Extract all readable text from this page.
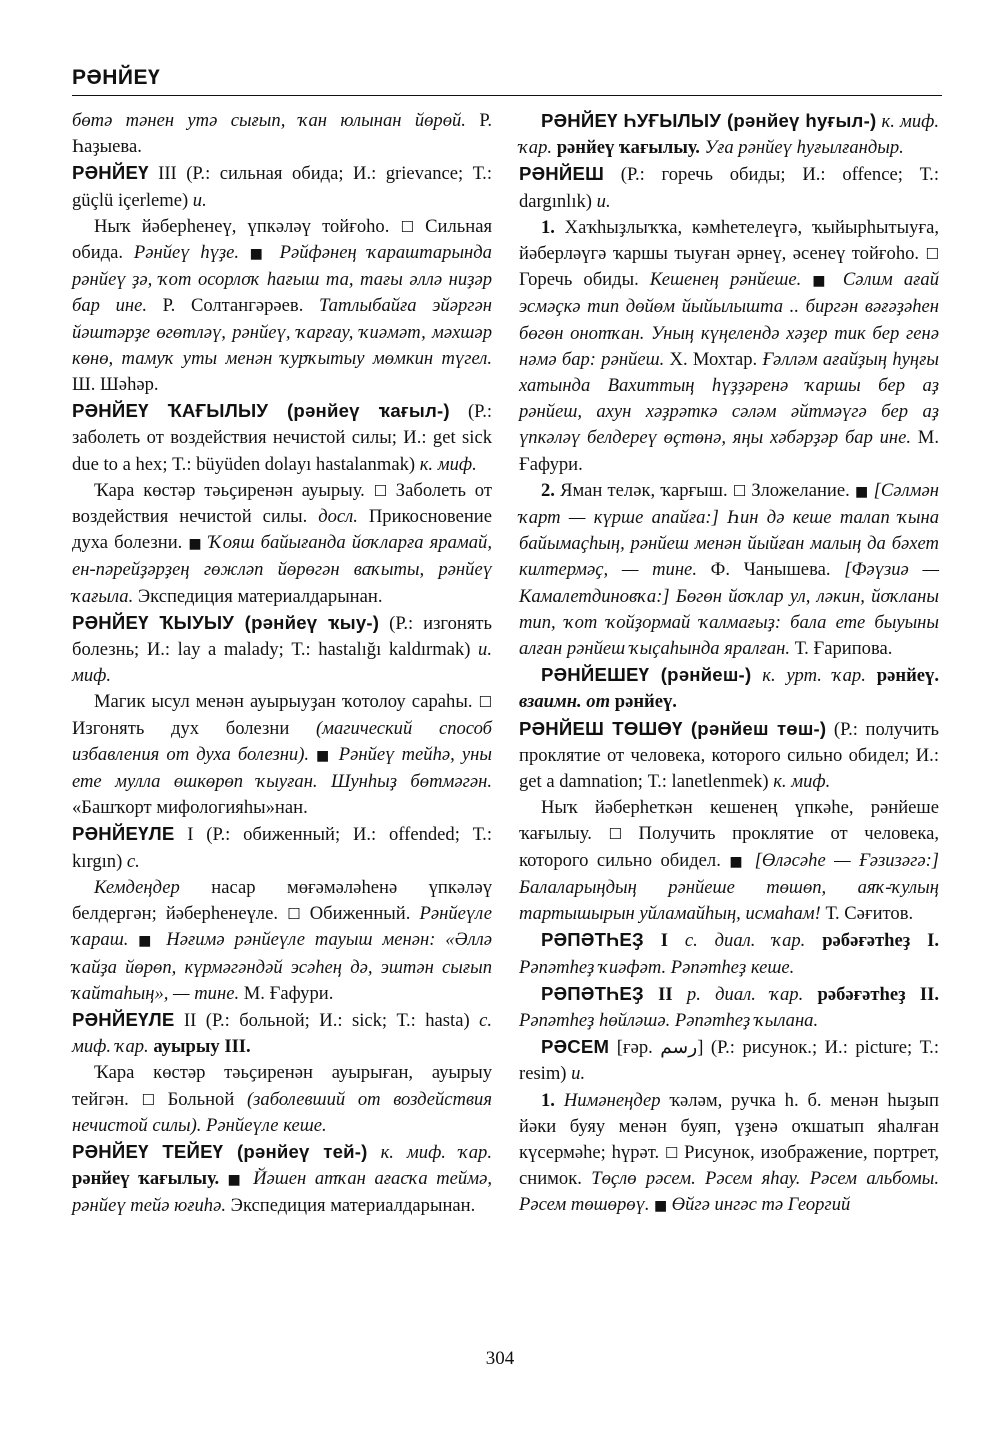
РӘНЙЕҮ

бөтә тәнен утә сығып, ҡан юлынан йөрөй. Р. Һаҙыева.

РӘНЙЕҮ III (Р.: сильная обида; И.: grievance; Т.: güçlü içerleme) и.

Ныҡ йәберһенеү, үпкәләү тойғоһо. ☐ Сильная обида. Рәнйеү һүҙе. ■ Рәйфәнең ҡараштарында рәнйеү ҙә, ҡот осорлоҡ һағыш та, тағы әллә ниҙәр бар ине. Р. Солтангәрәев. Татлыбайға эйәргән йәштәрҙе өгөтләү, рәнйеү, ҡарғау, ҡиәмәт, мәхшәр көнө, тамуҡ уты менән ҡурҡытыу мөмкин түгел. Ш. Шәһәр.

РӘНЙЕҮ ҠАҒЫЛЫУ (рәнйеү ҡағыл-) (Р.: заболеть от воздействия нечистой силы; И.: get sick due to a hex; Т.: büyüden dolayı hastalanmak) к. миф.

Ҡара көстәр тәьҫиренән ауырыу. ☐ Заболеть от воздействия нечистой силы. досл. Прикосновение духа болезни. ■ Ҡояш байығанда йоҡларға ярамай, ен-пәрейҙәрҙең гөжләп йөрөгән ваҡыты, рәнйеү ҡағыла. Экспедиция материалдарынан.

РӘНЙЕҮ ҠЫУЫУ (рәнйеү ҡыу-) (Р.: изгонять болезнь; И.: lay a malady; Т.: hastalığı kaldırmak) и. миф.

Магик ысул менән ауырыуҙан ҡотолоу сараһы. ☐ Изгонять дух болезни (магический способ избавления от духа болезни). ■ Рәнйеү тейһә, уны ете мулла өшкөрөп ҡыуған. Шунһыҙ бөтмәгән. «Башҡорт мифологияһы»нан.

РӘНЙЕҮЛЕ I (Р.: обиженный; И.: offended; Т.: kırgın) с.

Кемдеңдер насар мөғәмәләһенә үпкәләү белдергән; йәберһенеүле. ☐ Обиженный. Рәнйеүле ҡараш. ■ Нәғимә рәнйеүле тауыш менән: «Әллә ҡайҙа йөрөп, күрмәгәндәй эсәһең дә, эштән сығып ҡайтаһың», — тине. М. Ғафури.

РӘНЙЕҮЛЕ II (Р.: больной; И.: sick; Т.: hasta) с. миф. ҡар. ауырыу III.

Ҡара көстәр тәьҫиренән ауырыған, ауырыу тейгән. ☐ Больной (заболевший от воздействия нечистой силы). Рәнйеүле кеше.

РӘНЙЕҮ ТЕЙЕҮ (рәнйеү тей-) к. миф. ҡар. рәнйеү ҡағылыу. ■ Йәшен атҡан ағасҡа теймә, рәнйеү тейә юғиһә. Экспедиция материалдарынан.

РӘНЙЕҮ ҺУҒЫЛЫУ (рәнйеү һуғыл-) к. миф. ҡар. рәнйеү ҡағылыу. Уға рәнйеү һуғылғандыр.

РӘНЙЕШ (Р.: горечь обиды; И.: offence; Т.: dargınlık) и.

1. Хаҡһыҙлыҡҡа, кәмһетелеүгә, ҡыйырһытыуға, йәберләүгә ҡаршы тыуған әрнеү, әсенеү тойғоһо. ☐ Горечь обиды. Кешенең рәнйеше. ■ Сәлим ағай эсмәҫкә тип дөйөм йыйылышта .. биргән вәғәҙәһен бөгөн онотҡан. Уның күңелендә хәҙер тик бер генә нәмә бар: рәнйеш. Х. Мохтар. Ғәлләм ағайҙың һуңғы хатында Вахиттың һүҙҙәренә ҡаршы бер аҙ рәнйеш, ахун хәҙрәткә сәләм әйтмәүгә бер аҙ үпкәләү белдереү өҫтөнә, яңы хәбәрҙәр бар ине. М. Ғафури.

2. Яман теләк, ҡарғыш. ☐ Зложелание. ■ [Сәлмән ҡарт — күрше апайға:] Һин дә кеше талап ҡына байымаҫһың, рәнйеш менән йыйған малың да бәхет килтермәҫ, — тине. Ф. Чанышева. [Фәүзиә — Камалетдиновҡа:] Бөгөн йоҡлар ул, ләкин, йоҡланы тип, ҡот ҡойҙормай ҡалмағыҙ: бала ете быуыны алған рәнйеш ҡыҫаһында яралған. Т. Ғарипова.

РӘНЙЕШЕҮ (рәнйеш-) к. урт. ҡар. рәнйеү. взаимн. от рәнйеү.

РӘНЙЕШ ТӨШӨҮ (рәнйеш төш-) (Р.: получить проклятие от человека, которого сильно обидел; И.: get a damnation; Т.: lanetlenmek) к. миф.

Ныҡ йәберһеткән кешенең үпкәһе, рәнйеше ҡағылыу. ☐ Получить проклятие от человека, которого сильно обидел. ■ [Өләсәһе — Ғәзизәгә:] Балаларыңдың рәнйеше төшөп, аяҡ-ҡулың тартышырын уйламайһың, исмаһам! Т. Сәғитов.

РӘПӘТҺЕҘ I с. диал. ҡар. рәбәғәтһеҙ I. Рәпәтһеҙ ҡиәфәт. Рәпәтһеҙ кеше.

РӘПӘТҺЕҘ II р. диал. ҡар. рәбәғәтһеҙ II. Рәпәтһеҙ һөйләшә. Рәпәтһеҙ ҡылана.

РӘСЕМ [ғәр. رسم] (Р.: рисунок.; И.: picture; Т.: resim) и.

1. Нимәнеңдер ҡәләм, ручка һ. б. менән һыҙып йәки буяу менән буяп, үҙенә оҡшатып яһалған күсермәһе; һүрәт. ☐ Рисунок, изображение, портрет, снимок. Төҫлө рәсем. Рәсем яһау. Рәсем альбомы. Рәсем төшөрөү. ■ Өйгә ингәс тә Георгий

304
